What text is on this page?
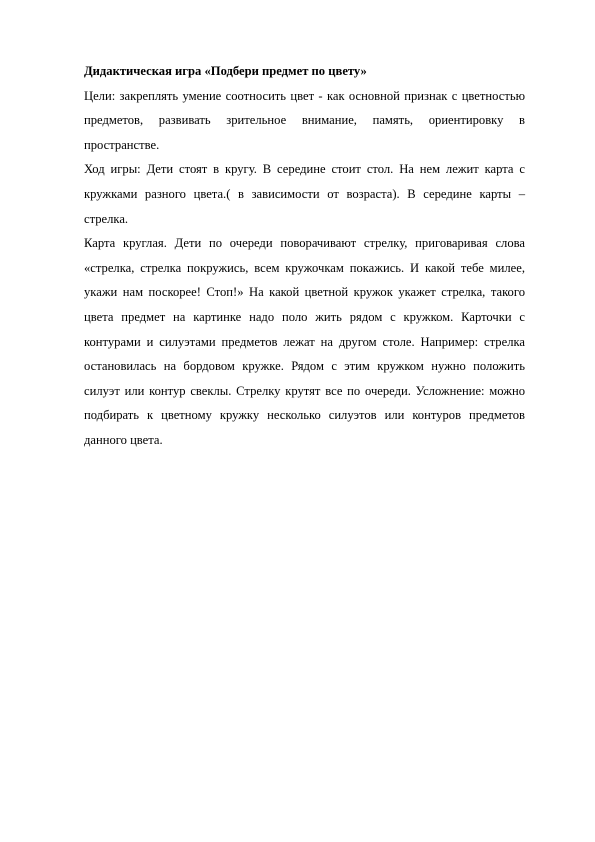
Дидактическая игра «Подбери предмет по цвету»

Цели: закреплять умение соотносить цвет - как основной признак с цветностью предметов, развивать зрительное внимание, память, ориентировку в пространстве.

Ход игры: Дети стоят в кругу. В середине стоит стол. На нем лежит карта с кружками разного цвета.( в зависимости от возраста). В середине карты – стрелка.

Карта круглая. Дети по очереди поворачивают стрелку, приговаривая слова «стрелка, стрелка покружись, всем кружочкам покажись. И какой тебе милее, укажи нам поскорее! Стоп!» На какой цветной кружок укажет стрелка, такого цвета предмет на картинке надо поло жить рядом с кружком. Карточки с контурами и силуэтами предметов лежат на другом столе. Например: стрелка остановилась на бордовом кружке. Рядом с этим кружком нужно положить силуэт или контур свеклы. Стрелку крутят все по очереди. Усложнение: можно подбирать к цветному кружку несколько силуэтов или контуров предметов данного цвета.
